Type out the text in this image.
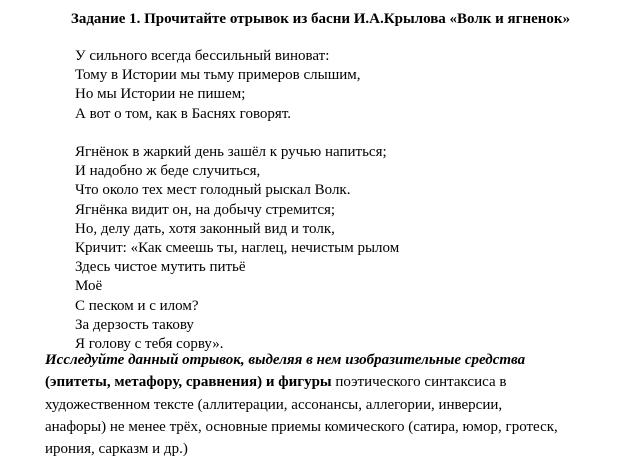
Задание 1. Прочитайте отрывок из басни И.А.Крылова «Волк и ягненок»
У сильного всегда бессильный виноват:
Тому в Истории мы тьму примеров слышим,
Но мы Истории не пишем;
А вот о том, как в Баснях говорят.
Ягнёнок в жаркий день зашёл к ручью напиться;
И надобно ж беде случиться,
Что около тех мест голодный рыскал Волк.
Ягнёнка видит он, на добычу стремится;
Но, делу дать, хотя законный вид и толк,
Кричит: «Как смеешь ты, наглец, нечистым рылом
Здесь чистое мутить питьё
Моё
С песком и с илом?
За дерзость такову
Я голову с тебя сорву».
Исследуйте данный отрывок, выделяя в нем изобразительные средства
(эпитеты, метафору, сравнения) и фигуры поэтического синтаксиса в
художественном тексте (аллитерации, ассонансы, аллегории, инверсии,
анафоры) не менее трёх, основные приемы комического (сатира, юмор, гротеск,
ирония, сарказм и др.)
